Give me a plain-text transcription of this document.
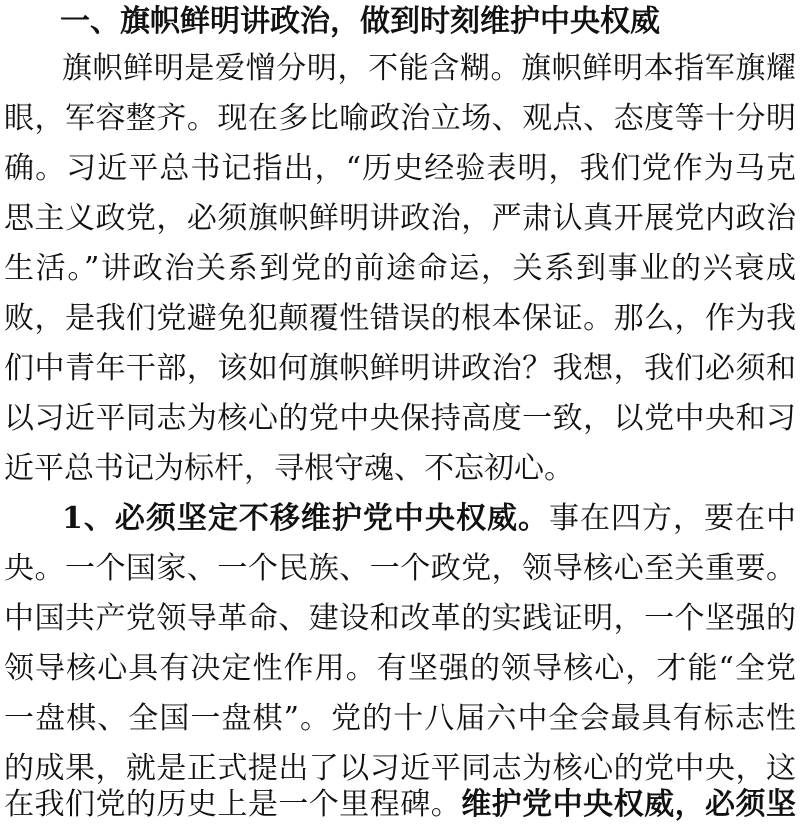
一、旗帜鲜明讲政治，做到时刻维护中央权威
旗帜鲜明是爱憎分明，不能含糊。旗帜鲜明本指军旗耀
眼，军容整齐。现在多比喻政治立场、观点、态度等十分明
确。习近平总书记指出，“历史经验表明，我们党作为马克
思主义政党，必须旗帜鲜明讲政治，严肃认真开展党内政治
生活。”讲政治关系到党的前途命运，关系到事业的兴衰成
败，是我们党避免犯颠覆性错误的根本保证。那么，作为我
们中青年干部，该如何旗帜鲜明讲政治？我想，我们必须和
以习近平同志为核心的党中央保持高度一致，以党中央和习
近平总书记为标杆，寻根守魂、不忘初心。
1、必须坚定不移维护党中央权威。事在四方，要在中
央。一个国家、一个民族、一个政党，领导核心至关重要。
中国共产党领导革命、建设和改革的实践证明，一个坚强的
领导核心具有决定性作用。有坚强的领导核心，才能“全党
一盘棋、全国一盘棋”。党的十八届六中全会最具有标志性
的成果，就是正式提出了以习近平同志为核心的党中央，这
在我们党的历史上是一个里程碑。维护党中央权威，必须坚
